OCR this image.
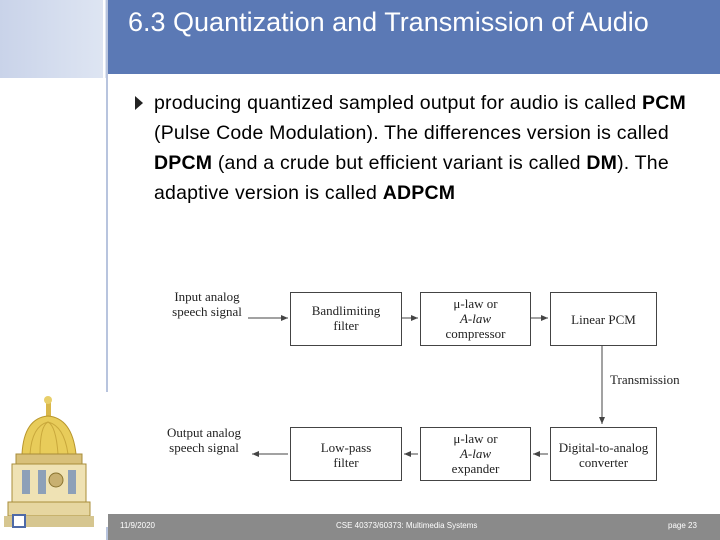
6.3 Quantization and Transmission of Audio
producing quantized sampled output for audio is called PCM (Pulse Code Modulation). The differences version is called DPCM (and a crude but efficient variant is called DM). The adaptive version is called ADPCM
Input analog
speech signal	Bandlimiting
filter
μ-law or
A-law
compressor
Linear PCM
Transmission
Low-pass
filter
μ-law or
A-law
expander
Digital-to-analog
converter
Output analog
speech signal
11/9/2020	CSE 40373/60373: Multimedia Systems	page 23
